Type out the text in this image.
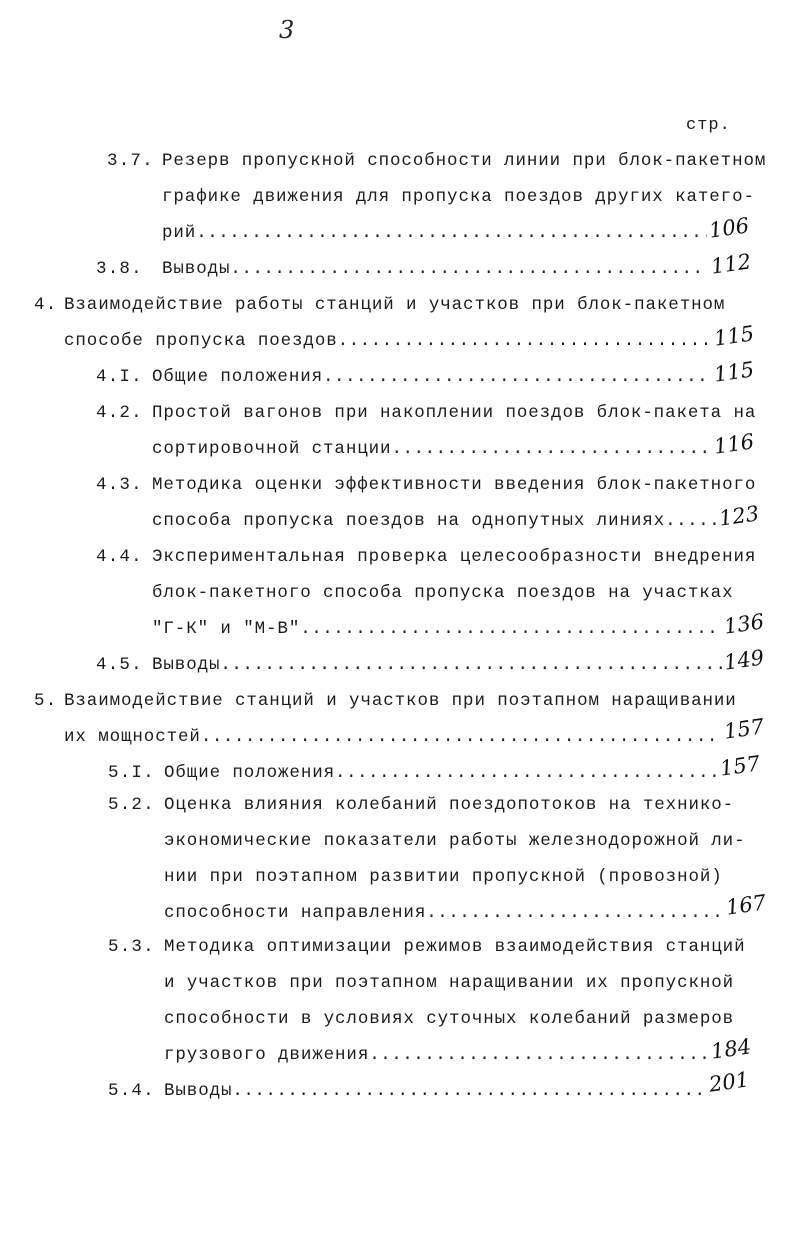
3
стр.
3.7. Резерв пропускной способности линии при блок-пакетном
графике движения для пропуска поездов других катего-
рий .....	106
3.8. Выводы .....	112
4. Взаимодействие работы станций и участков при блок-пакетном
способе пропуска поездов .....	115
4.I. Общие положения .....	115
4.2. Простой вагонов при накоплении поездов блок-пакета на
сортировочной станции .....	116
4.3. Методика оценки эффективности введения блок-пакетного
способа пропуска поездов на однопутных линиях ..... 123
4.4. Экспериментальная проверка целесообразности внедрения
блок-пакетного способа пропуска поездов на участках
"Г-К" и "М-В" .....	136
4.5. Выводы .....	149
5. Взаимодействие станций и участков при поэтапном наращивании
их мощностей .....	157
5.I. Общие положения .....	157
5.2. Оценка влияния колебаний поездопотоков на технико-
экономические показатели работы железнодорожной ли-
нии при поэтапном развитии пропускной (провозной)
способности направления .....	167
5.3. Методика оптимизации режимов взаимодействия станций
и участков при поэтапном наращивании их пропускной
способности в условиях суточных колебаний размеров
грузового движения .....	184
5.4. Выводы .....	201
